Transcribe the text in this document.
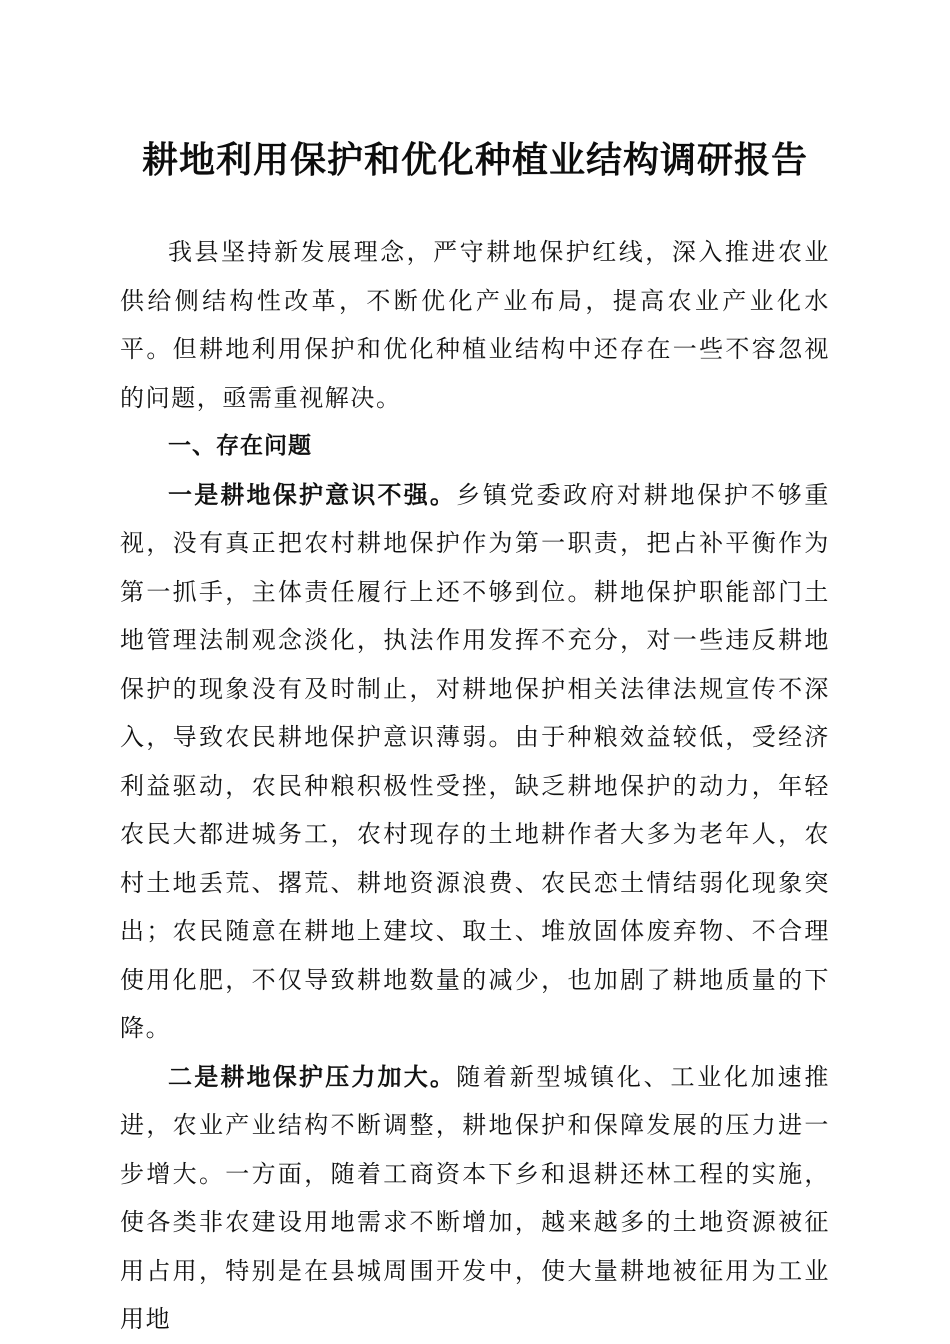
耕地利用保护和优化种植业结构调研报告

我县坚持新发展理念，严守耕地保护红线，深入推进农业供给侧结构性改革，不断优化产业布局，提高农业产业化水平。但耕地利用保护和优化种植业结构中还存在一些不容忽视的问题，亟需重视解决。

一、存在问题

一是耕地保护意识不强。乡镇党委政府对耕地保护不够重视，没有真正把农村耕地保护作为第一职责，把占补平衡作为第一抓手，主体责任履行上还不够到位。耕地保护职能部门土地管理法制观念淡化，执法作用发挥不充分，对一些违反耕地保护的现象没有及时制止，对耕地保护相关法律法规宣传不深入，导致农民耕地保护意识薄弱。由于种粮效益较低，受经济利益驱动，农民种粮积极性受挫，缺乏耕地保护的动力，年轻农民大都进城务工，农村现存的土地耕作者大多为老年人，农村土地丢荒、撂荒、耕地资源浪费、农民恋土情结弱化现象突出；农民随意在耕地上建坟、取土、堆放固体废弃物、不合理使用化肥，不仅导致耕地数量的减少，也加剧了耕地质量的下降。

二是耕地保护压力加大。随着新型城镇化、工业化加速推进，农业产业结构不断调整，耕地保护和保障发展的压力进一步增大。一方面，随着工商资本下乡和退耕还林工程的实施，使各类非农建设用地需求不断增加，越来越多的土地资源被征用占用，特别是在县城周围开发中，使大量耕地被征用为工业用地
